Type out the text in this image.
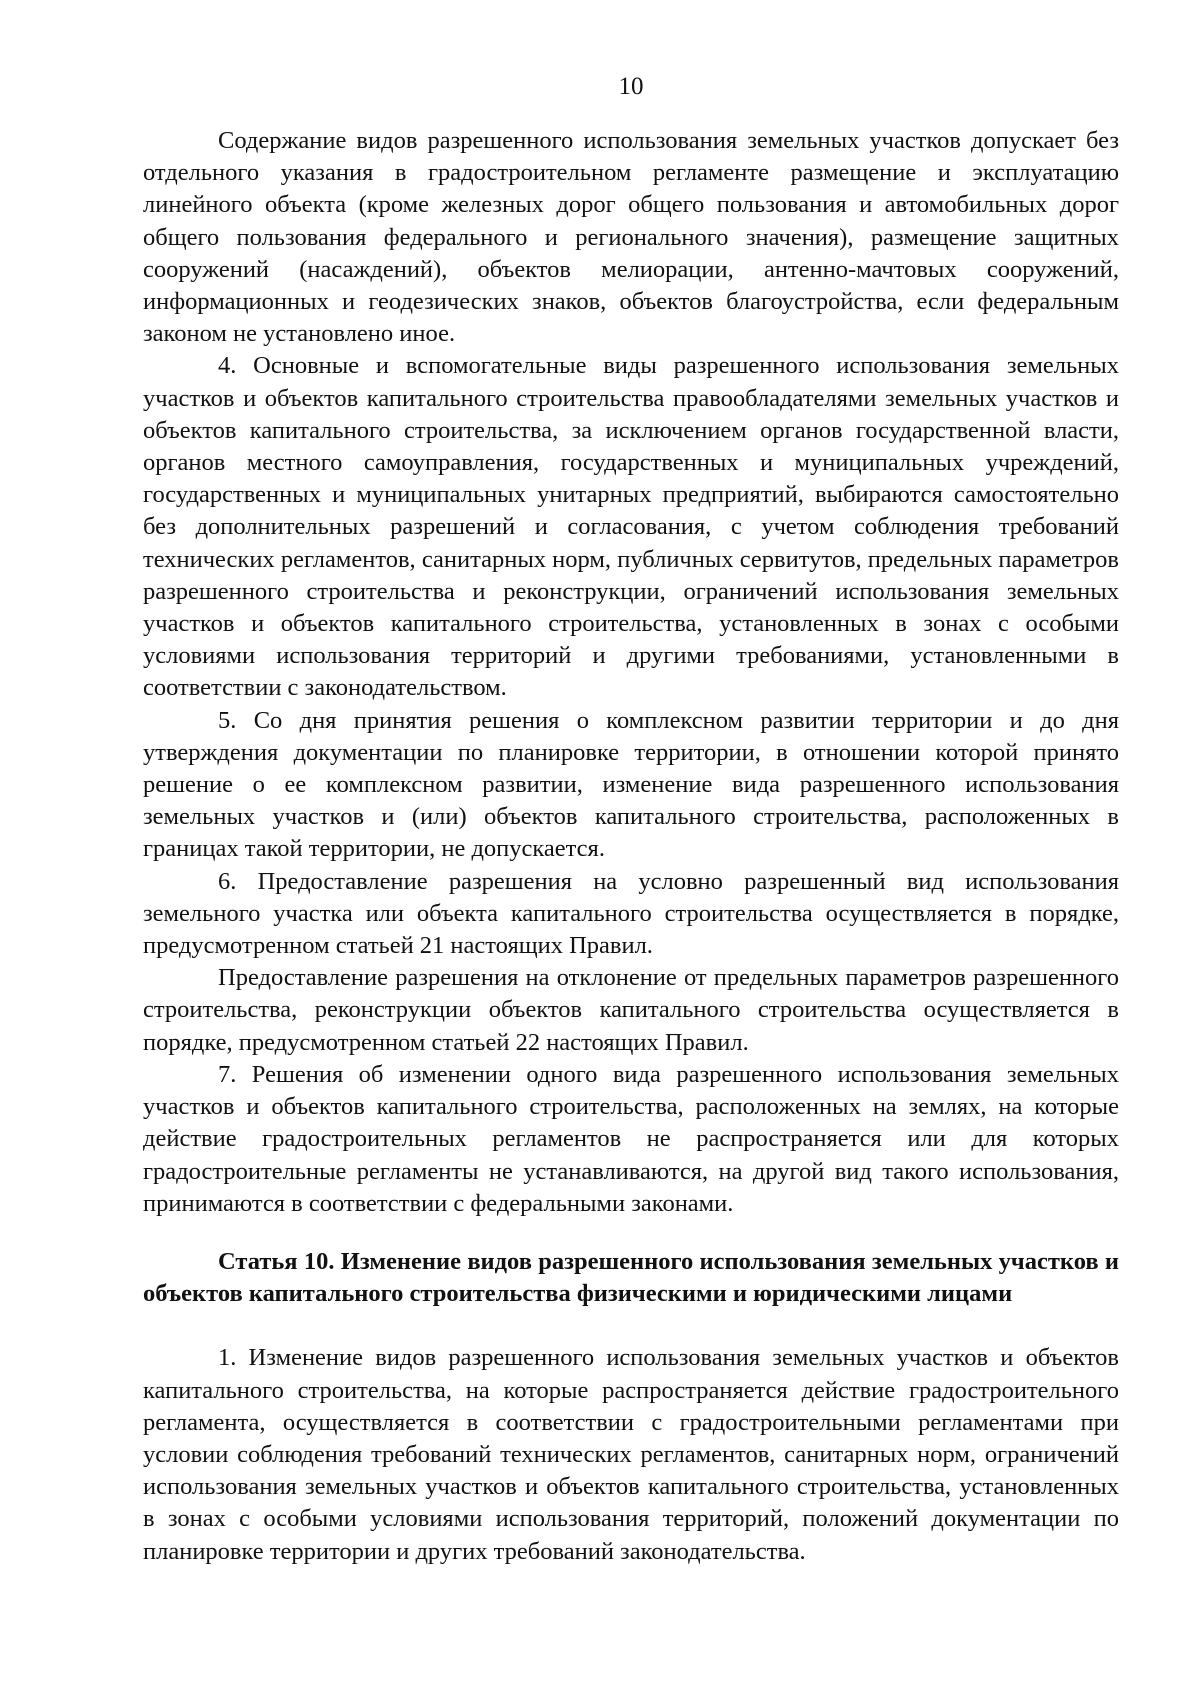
10

Содержание видов разрешенного использования земельных участков допускает без отдельного указания в градостроительном регламенте размещение и эксплуатацию линейного объекта (кроме железных дорог общего пользования и автомобильных дорог общего пользования федерального и регионального значения), размещение защитных сооружений (насаждений), объектов мелиорации, антенно-мачтовых сооружений, информационных и геодезических знаков, объектов благоустройства, если федеральным законом не установлено иное.

4. Основные и вспомогательные виды разрешенного использования земельных участков и объектов капитального строительства правообладателями земельных участков и объектов капитального строительства, за исключением органов государственной власти, органов местного самоуправления, государственных и муниципальных учреждений, государственных и муниципальных унитарных предприятий, выбираются самостоятельно без дополнительных разрешений и согласования, с учетом соблюдения требований технических регламентов, санитарных норм, публичных сервитутов, предельных параметров разрешенного строительства и реконструкции, ограничений использования земельных участков и объектов капитального строительства, установленных в зонах с особыми условиями использования территорий и другими требованиями, установленными в соответствии с законодательством.

5. Со дня принятия решения о комплексном развитии территории и до дня утверждения документации по планировке территории, в отношении которой принято решение о ее комплексном развитии, изменение вида разрешенного использования земельных участков и (или) объектов капитального строительства, расположенных в границах такой территории, не допускается.

6. Предоставление разрешения на условно разрешенный вид использования земельного участка или объекта капитального строительства осуществляется в порядке, предусмотренном статьей 21 настоящих Правил.

Предоставление разрешения на отклонение от предельных параметров разрешенного строительства, реконструкции объектов капитального строительства осуществляется в порядке, предусмотренном статьей 22 настоящих Правил.

7. Решения об изменении одного вида разрешенного использования земельных участков и объектов капитального строительства, расположенных на землях, на которые действие градостроительных регламентов не распространяется или для которых градостроительные регламенты не устанавливаются, на другой вид такого использования, принимаются в соответствии с федеральными законами.

Статья 10. Изменение видов разрешенного использования земельных участков и объектов капитального строительства физическими и юридическими лицами

1. Изменение видов разрешенного использования земельных участков и объектов капитального строительства, на которые распространяется действие градостроительного регламента, осуществляется в соответствии с градостроительными регламентами при условии соблюдения требований технических регламентов, санитарных норм, ограничений использования земельных участков и объектов капитального строительства, установленных в зонах с особыми условиями использования территорий, положений документации по планировке территории и других требований законодательства.
